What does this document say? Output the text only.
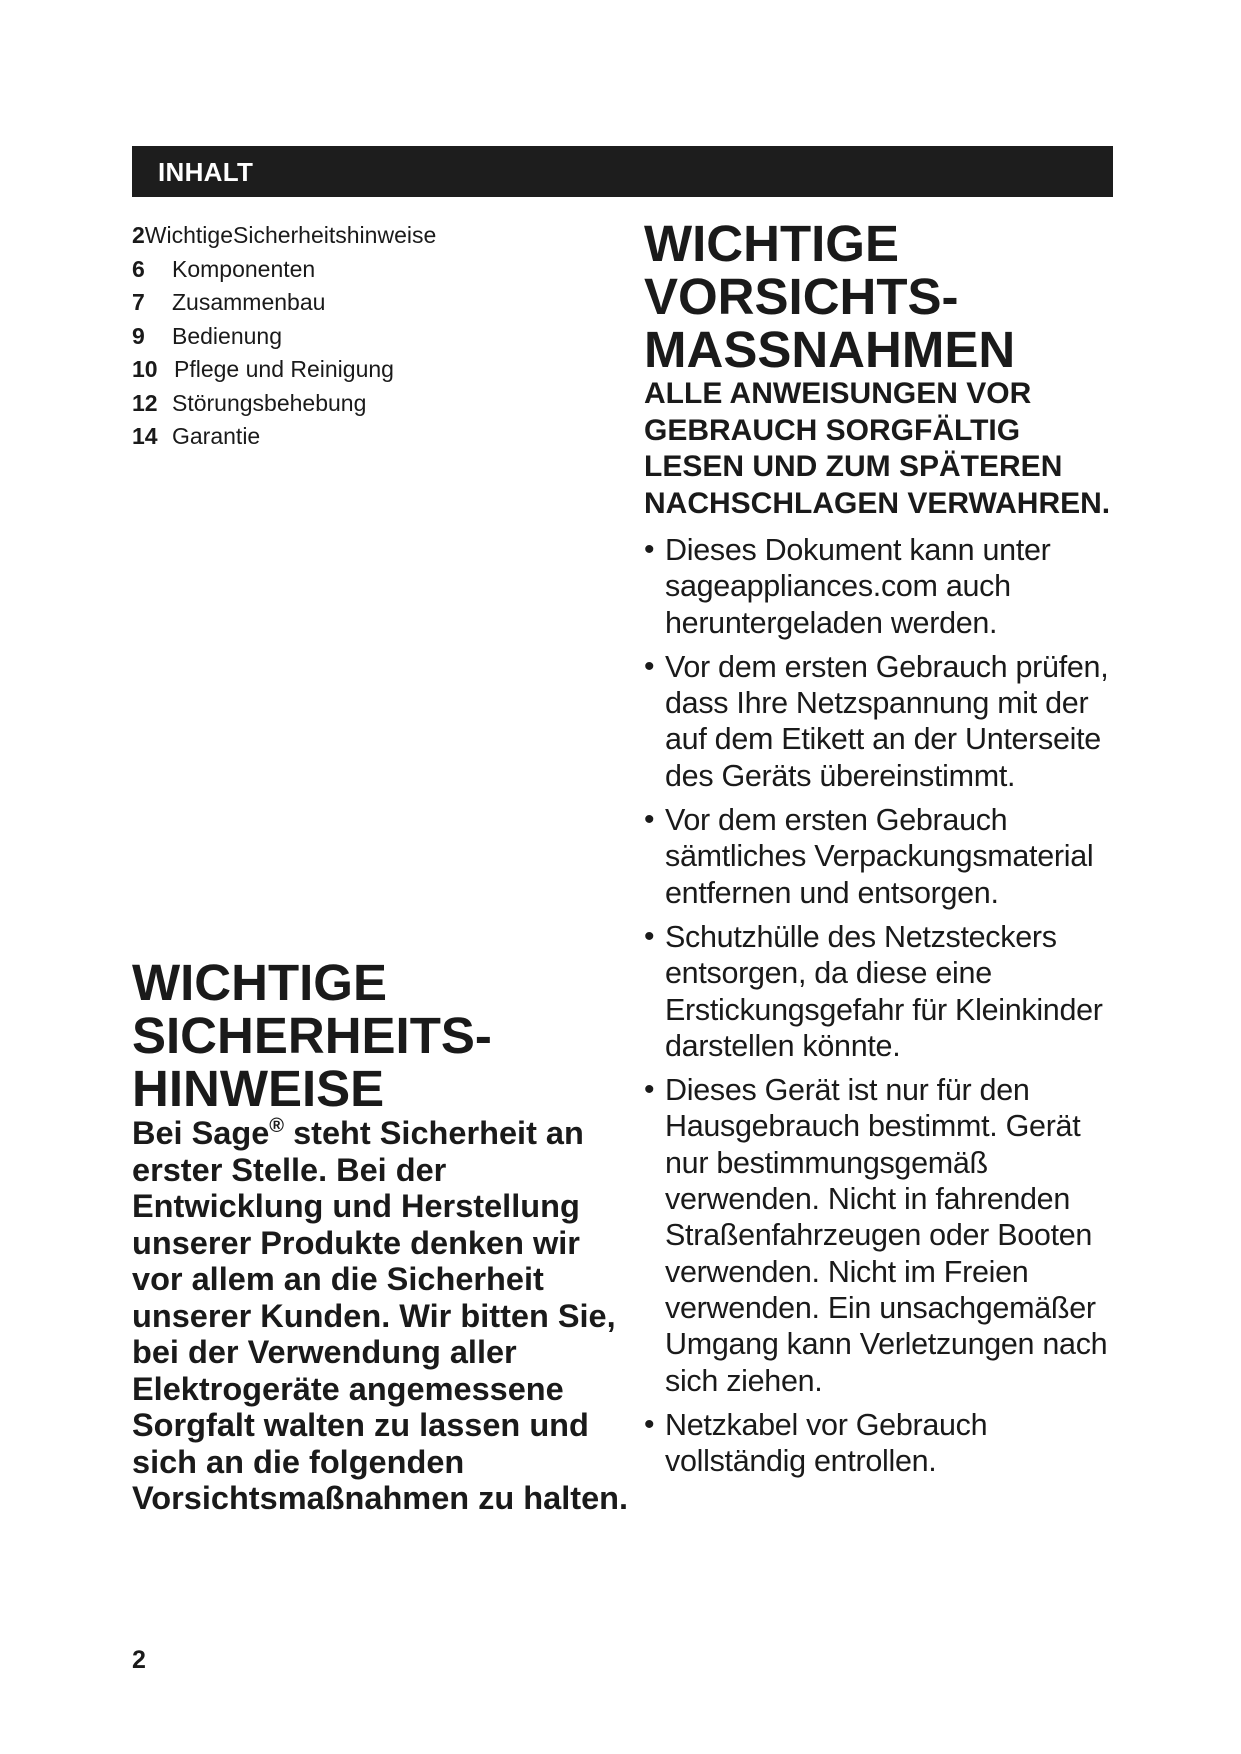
INHALT
2WichtigeSicherheitshinweise
6 Komponenten
7 Zusammenbau
9 Bedienung
10 Pflege und Reinigung
12 Störungsbehebung
14 Garantie
WICHTIGE
SICHERHEITS-
HINWEISE

Bei Sage® steht Sicherheit an erster Stelle. Bei der Entwicklung und Herstellung unserer Produkte denken wir vor allem an die Sicherheit unserer Kunden. Wir bitten Sie, bei der Verwendung aller Elektrogeräte angemessene Sorgfalt walten zu lassen und sich an die folgenden Vorsichtsmaßnahmen zu halten.

WICHTIGE
VORSICHTS-
MASSNAHMEN

ALLE ANWEISUNGEN VOR GEBRAUCH SORGFÄLTIG LESEN UND ZUM SPÄTEREN NACHSCHLAGEN VERWAHREN.

• Dieses Dokument kann unter sageappliances.com auch heruntergeladen werden.
• Vor dem ersten Gebrauch prüfen, dass Ihre Netzspannung mit der auf dem Etikett an der Unterseite des Geräts übereinstimmt.
• Vor dem ersten Gebrauch sämtliches Verpackungsmaterial entfernen und entsorgen.
• Schutzhülle des Netzsteckers entsorgen, da diese eine Erstickungsgefahr für Kleinkinder darstellen könnte.
• Dieses Gerät ist nur für den Hausgebrauch bestimmt. Gerät nur bestimmungsgemäß verwenden. Nicht in fahrenden Straßenfahrzeugen oder Booten verwenden. Nicht im Freien verwenden. Ein unsachgemäßer Umgang kann Verletzungen nach sich ziehen.
• Netzkabel vor Gebrauch vollständig entrollen.
2
